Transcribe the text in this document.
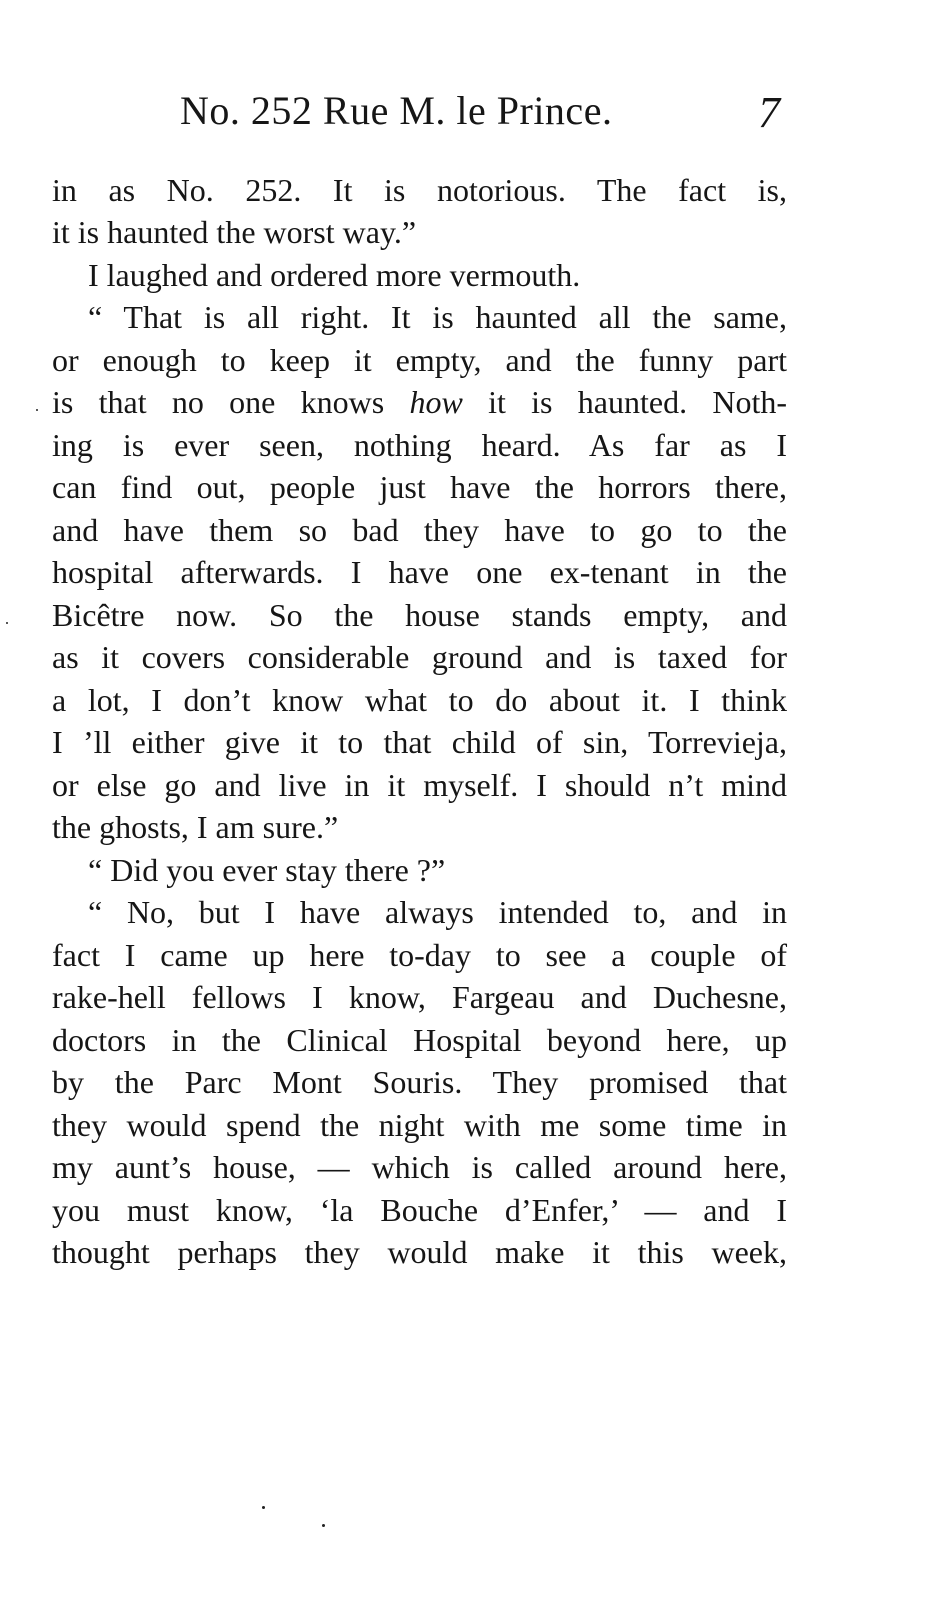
No. 252 Rue M. le Prince.	7
in as No. 252. It is notorious. The fact is,
it is haunted the worst way.”
I laughed and ordered more vermouth.
“ That is all right. It is haunted all the same,
or enough to keep it empty, and the funny part
is that no one knows how it is haunted. Noth-
ing is ever seen, nothing heard. As far as I
can find out, people just have the horrors there,
and have them so bad they have to go to the
hospital afterwards. I have one ex-tenant in the
Bicêtre now. So the house stands empty, and
as it covers considerable ground and is taxed for
a lot, I don’t know what to do about it. I think
I ’ll either give it to that child of sin, Torrevieja,
or else go and live in it myself. I should n’t mind
the ghosts, I am sure.”
“ Did you ever stay there ?”
“ No, but I have always intended to, and in
fact I came up here to-day to see a couple of
rake-hell fellows I know, Fargeau and Duchesne,
doctors in the Clinical Hospital beyond here, up
by the Parc Mont Souris. They promised that
they would spend the night with me some time in
my aunt’s house, — which is called around here,
you must know, ‘la Bouche d’Enfer,’ — and I
thought perhaps they would make it this week,
